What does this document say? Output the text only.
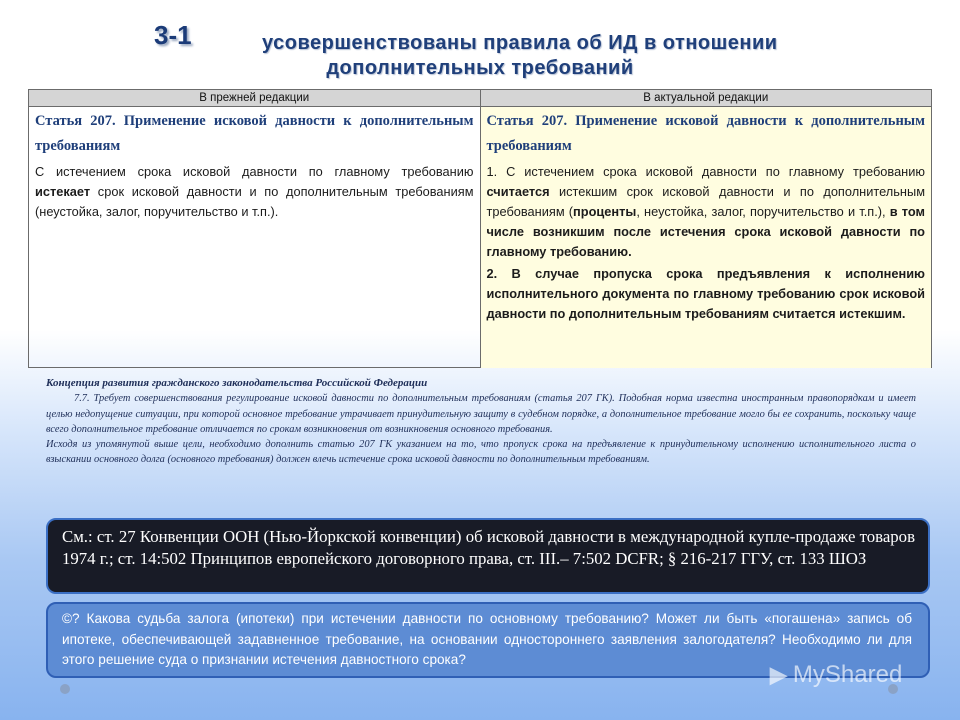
3-1	усовершенствованы правила об ИД в отношении
дополнительных требований
В прежней редакции	В актуальной редакции
Статья 207. Применение исковой давности к дополнительным требованиям
С истечением срока исковой давности по главному требованию истекает срок исковой давности и по дополнительным требованиям (неустойка, залог, поручительство и т.п.).
Статья 207. Применение исковой давности к дополнительным требованиям
1. С истечением срока исковой давности по главному требованию считается истекшим срок исковой давности и по дополнительным требованиям (проценты, неустойка, залог, поручительство и т.п.), в том числе возникшим после истечения срока исковой давности по главному требованию.
2. В случае пропуска срока предъявления к исполнению исполнительного документа по главному требованию срок исковой давности по дополнительным требованиям считается истекшим.
Концепция развития гражданского законодательства Российской Федерации

7.7. Требует совершенствования регулирование исковой давности по дополнительным требованиям (статья 207 ГК). Подобная норма известна иностранным правопорядкам и имеет целью недопущение ситуации, при которой основное требование утрачивает принудительную защиту в судебном порядке, а дополнительное требование могло бы ее сохранить, поскольку чаще всего дополнительное требование отличается по срокам возникновения от возникновения основного требования.

Исходя из упомянутой выше цели, необходимо дополнить статью 207 ГК указанием на то, что пропуск срока на предъявление к принудительному исполнению исполнительного листа о взыскании основного долга (основного требования) должен влечь истечение срока исковой давности по дополнительным требованиям.

См.: ст. 27 Конвенции ООН (Нью-Йоркской конвенции) об исковой давности в международной купле-продаже товаров 1974 г.; ст. 14:502 Принципов европейского договорного права, ст. III.– 7:502 DCFR; § 216-217 ГГУ, ст. 133 ШОЗ
©? Какова судьба залога (ипотеки) при истечении давности по основному требованию? Может ли быть «погашена» запись об ипотеке, обеспечивающей задавненное требование, на основании одностороннего заявления залогодателя? Необходимо ли для этого решение суда о признании истечения давностного срока?
▶ MyShared
